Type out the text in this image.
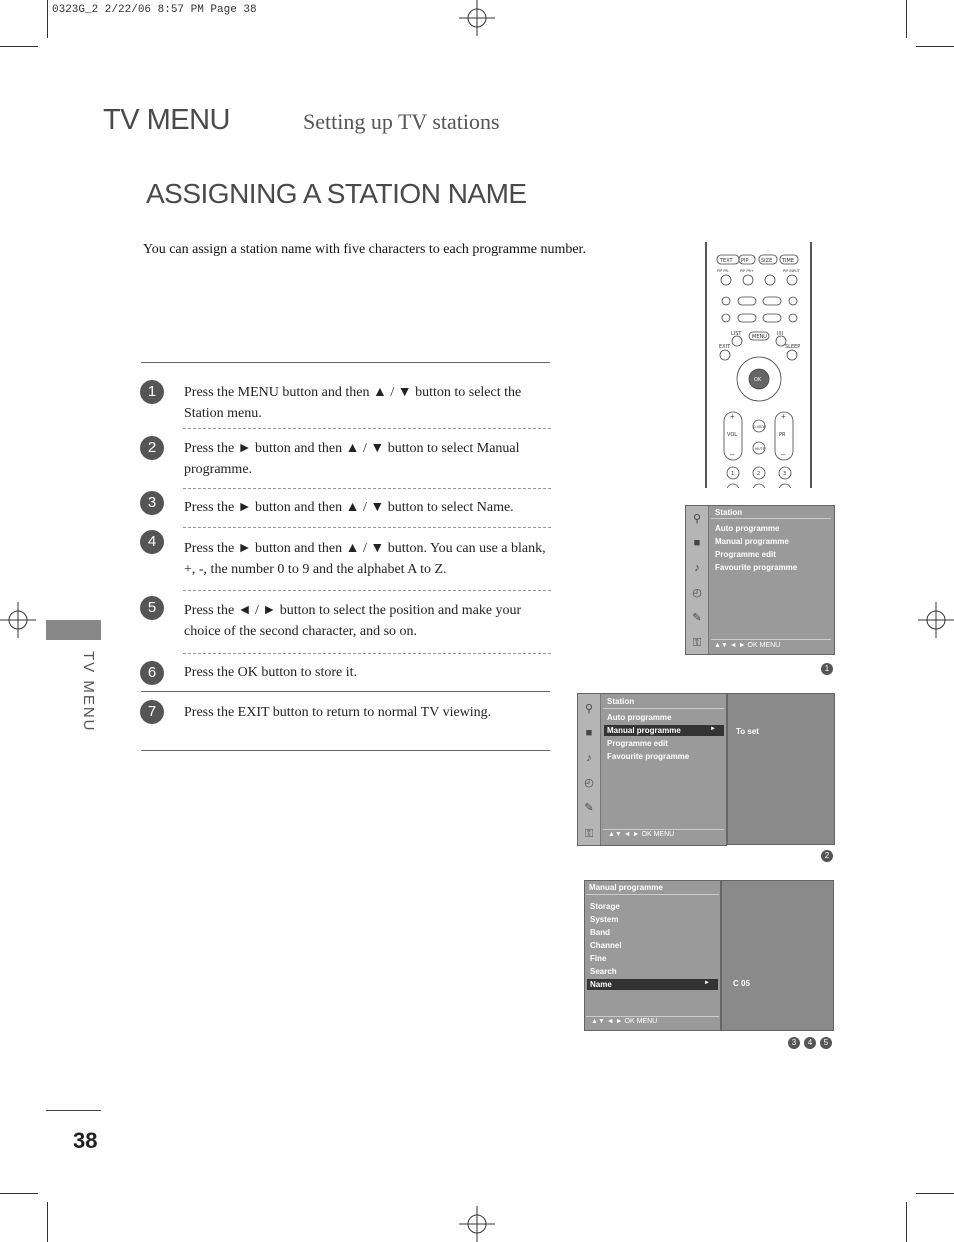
0323G_2 2/22/06 8:57 PM Page 38
TV MENU	Setting up TV stations
ASSIGNING A STATION NAME
You can assign a station name with five characters to each programme number.
TV MENU
1	Press the MENU button and then ▲ / ▼ button to select the Station menu.
2	Press the ► button and then ▲ / ▼ button to select Manual programme.
3	Press the ► button and then ▲ / ▼ button to select Name.
4	Press the ► button and then ▲ / ▼ button. You can use a blank, +, -, the number 0 to 9 and the alphabet A to Z.
5	Press the ◄ / ► button to select the position and make your choice of the second character, and so on.
6	Press the OK button to store it.
7	Press the EXIT button to return to normal TV viewing.
TEXT PIP SIZE TIME
PIP PR-	PIP PR+	PIP INPUT
LIST MENU I/II
EXIT	SLEEP
OK
VOL	PR
Q.VIEW
MUTE
1	2	3
+	+
–	–
⚲
■
♪
◴
✎
⚿
Station
Auto programme
Manual programme
Programme edit
Favourite programme
▲▼ ◄ ► OK MENU
1
⚲
■
♪
◴
✎
⚿
Station
Auto programme
Manual programme	►
Programme edit
Favourite programme
▲▼ ◄ ► OK MENU
To set
2
Manual programme
Storage
System
Band
Channel
Fine
Search
Name	►
▲▼ ◄ ► OK MENU
C 05
3	4	5
38
